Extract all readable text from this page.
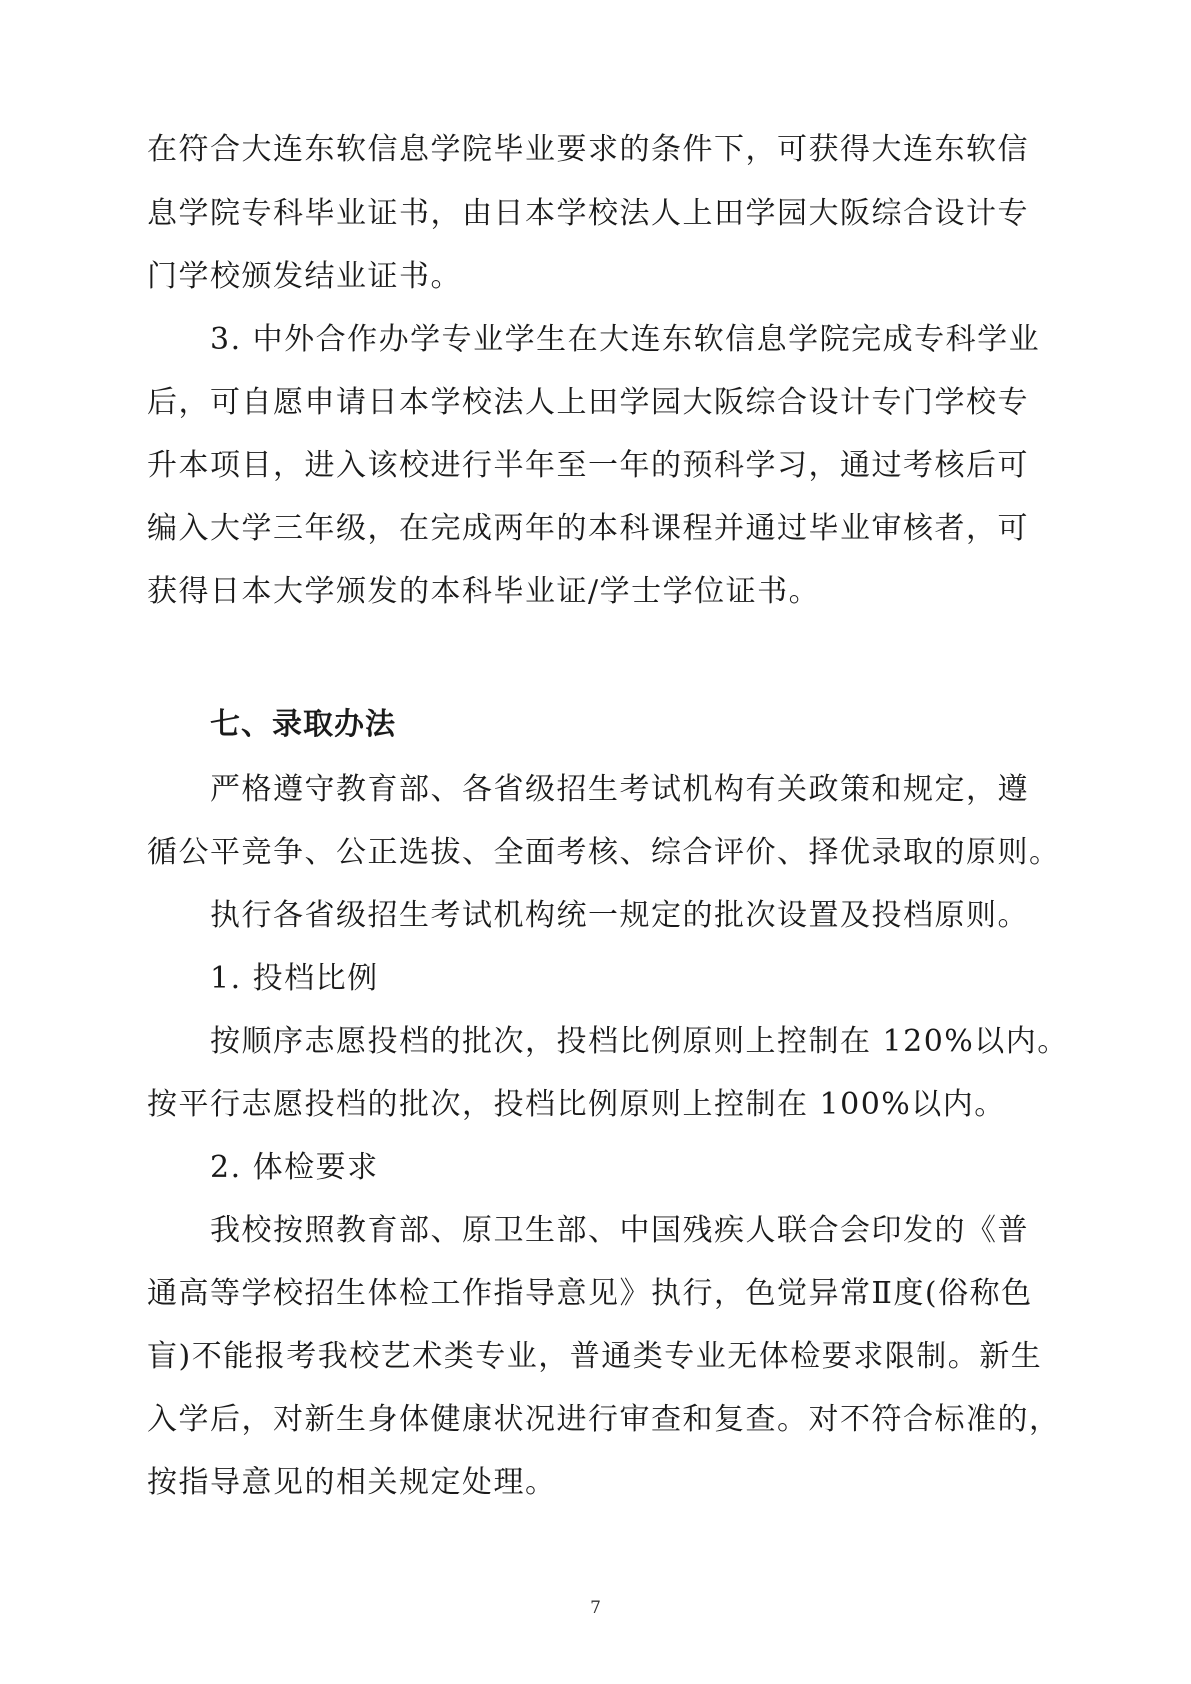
在符合大连东软信息学院毕业要求的条件下，可获得大连东软信
息学院专科毕业证书，由日本学校法人上田学园大阪综合设计专
门学校颁发结业证书。
3. 中外合作办学专业学生在大连东软信息学院完成专科学业
后，可自愿申请日本学校法人上田学园大阪综合设计专门学校专
升本项目，进入该校进行半年至一年的预科学习，通过考核后可
编入大学三年级，在完成两年的本科课程并通过毕业审核者，可
获得日本大学颁发的本科毕业证/学士学位证书。
七、录取办法
严格遵守教育部、各省级招生考试机构有关政策和规定，遵
循公平竞争、公正选拔、全面考核、综合评价、择优录取的原则。
执行各省级招生考试机构统一规定的批次设置及投档原则。
1. 投档比例
按顺序志愿投档的批次，投档比例原则上控制在 120%以内。
按平行志愿投档的批次，投档比例原则上控制在 100%以内。
2. 体检要求
我校按照教育部、原卫生部、中国残疾人联合会印发的《普
通高等学校招生体检工作指导意见》执行，色觉异常Ⅱ度(俗称色
盲)不能报考我校艺术类专业，普通类专业无体检要求限制。新生
入学后，对新生身体健康状况进行审查和复查。对不符合标准的，
按指导意见的相关规定处理。
7
